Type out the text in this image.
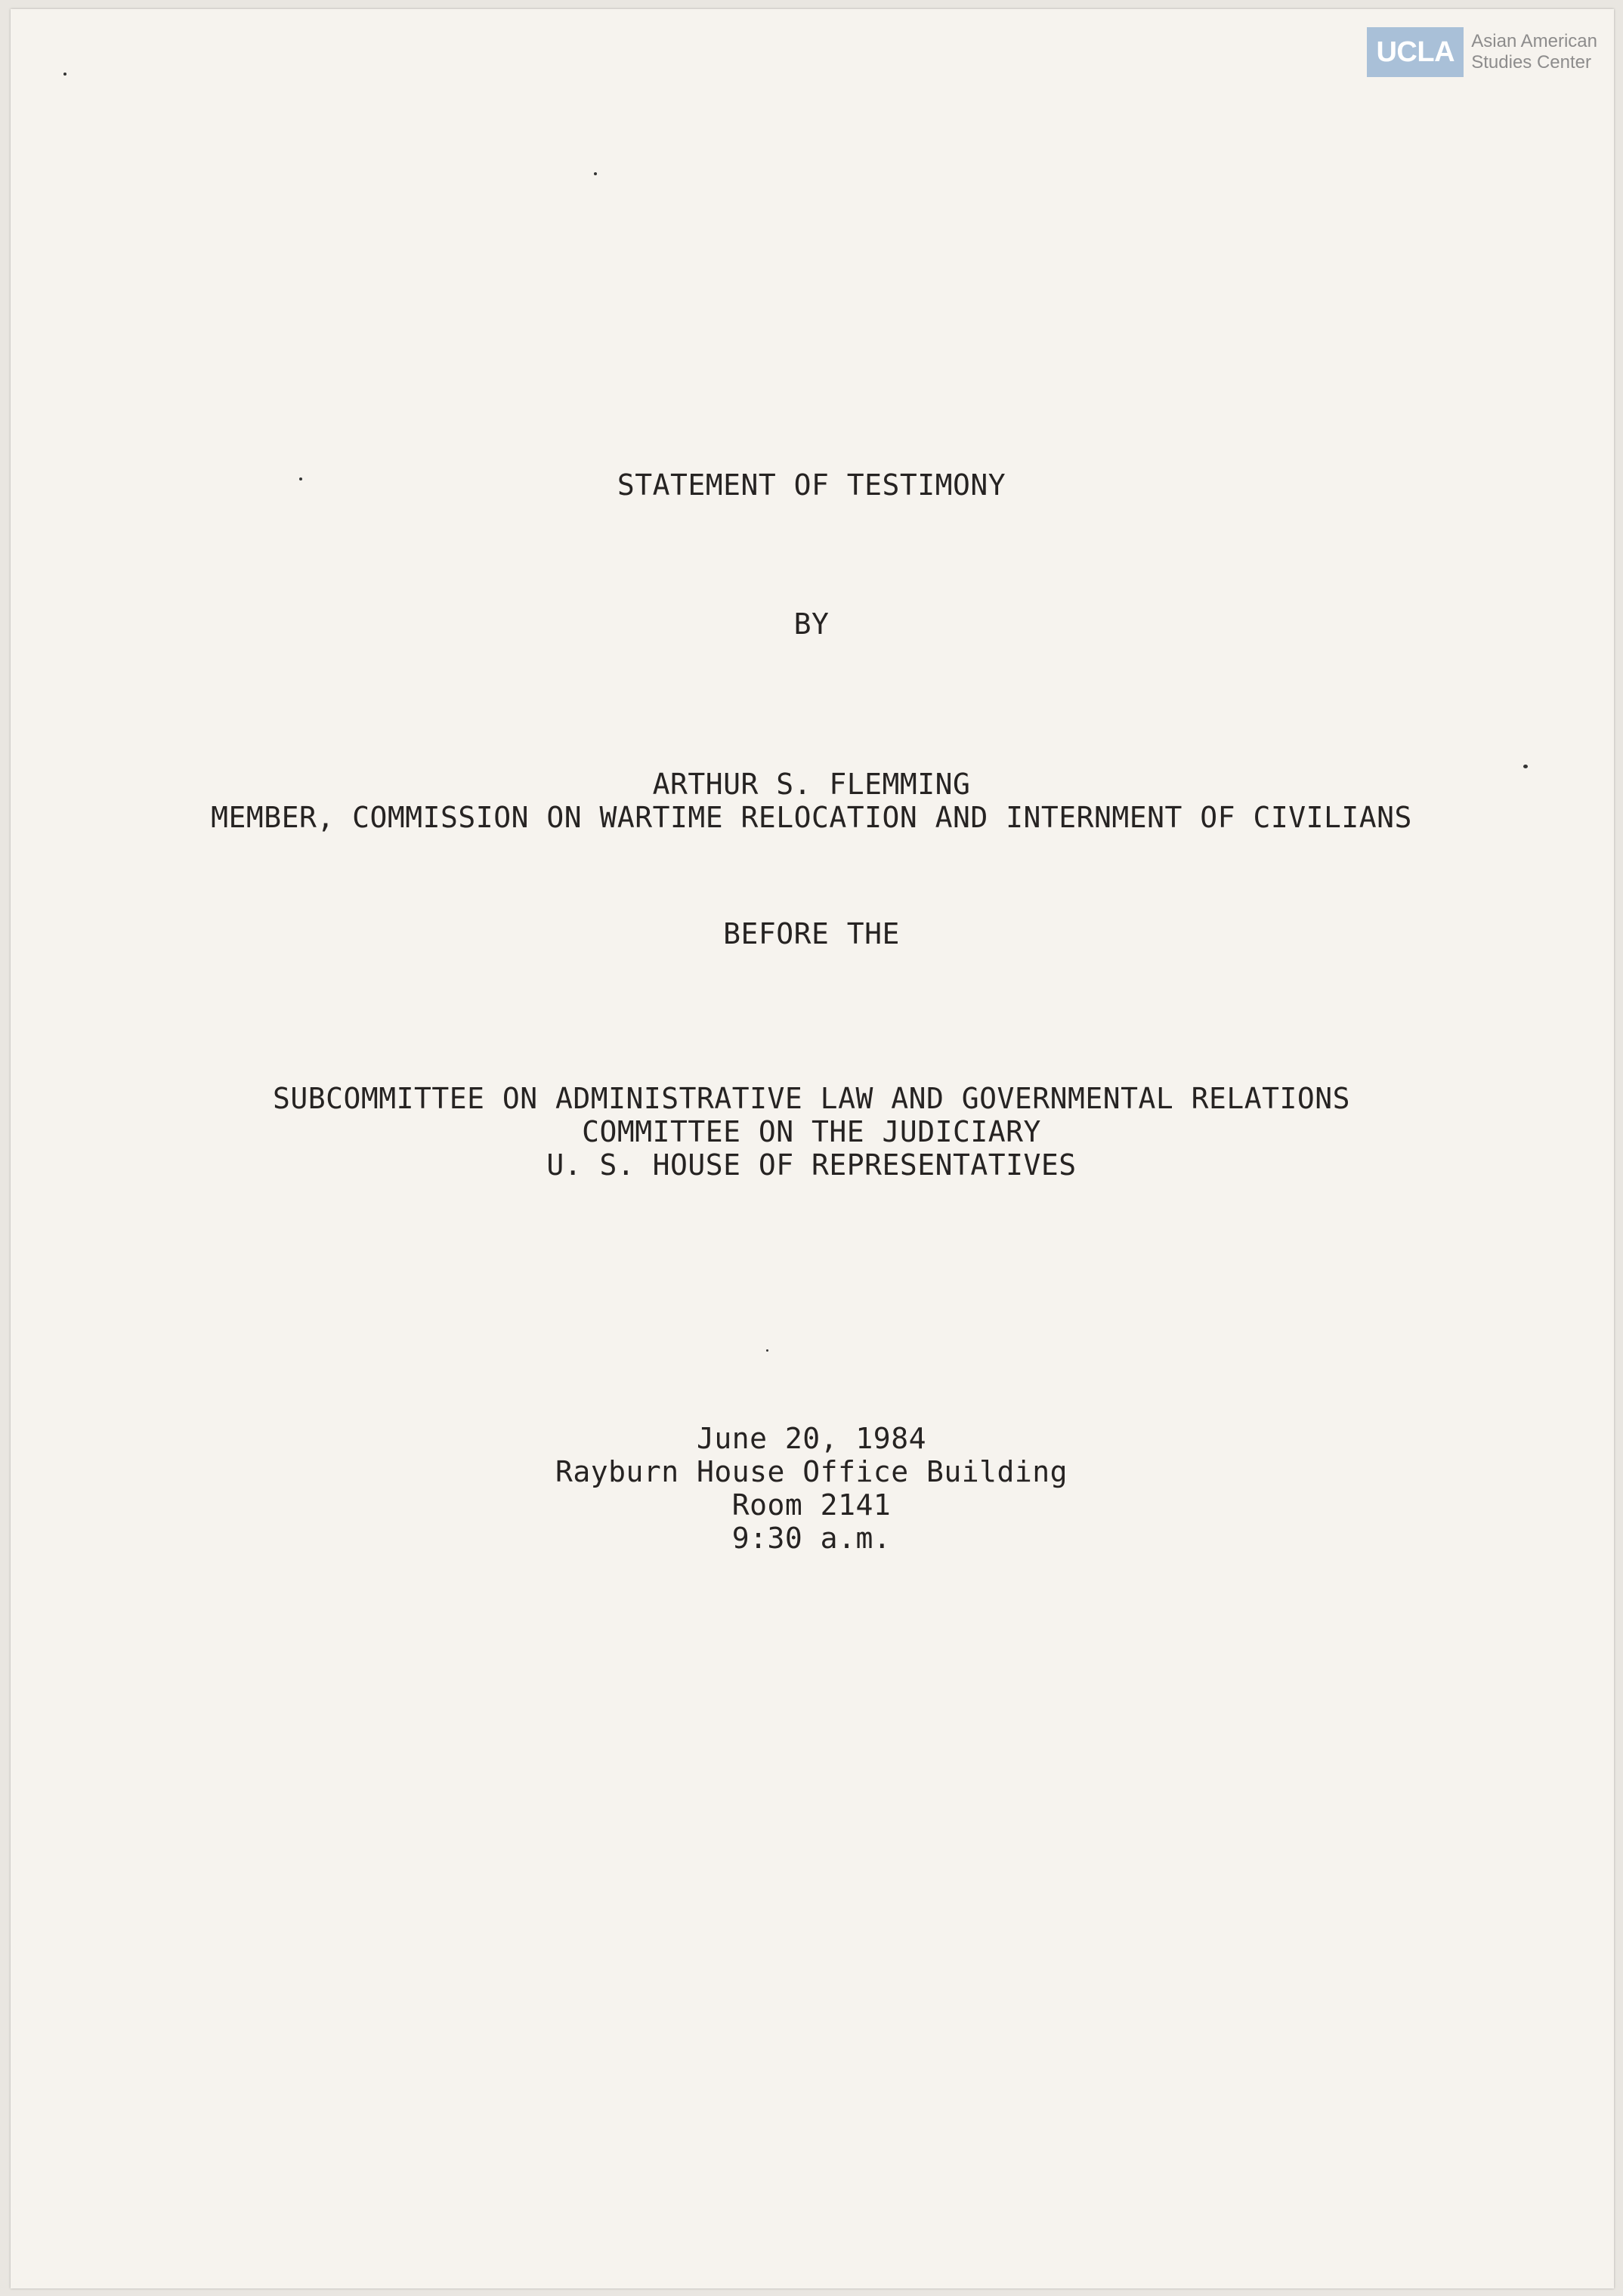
UCLA Asian American
Studies Center
STATEMENT OF TESTIMONY
BY
ARTHUR S. FLEMMING
MEMBER, COMMISSION ON WARTIME RELOCATION AND INTERNMENT OF CIVILIANS
BEFORE THE
SUBCOMMITTEE ON ADMINISTRATIVE LAW AND GOVERNMENTAL RELATIONS
COMMITTEE ON THE JUDICIARY
U. S. HOUSE OF REPRESENTATIVES
June 20, 1984
Rayburn House Office Building
Room 2141
9:30 a.m.
